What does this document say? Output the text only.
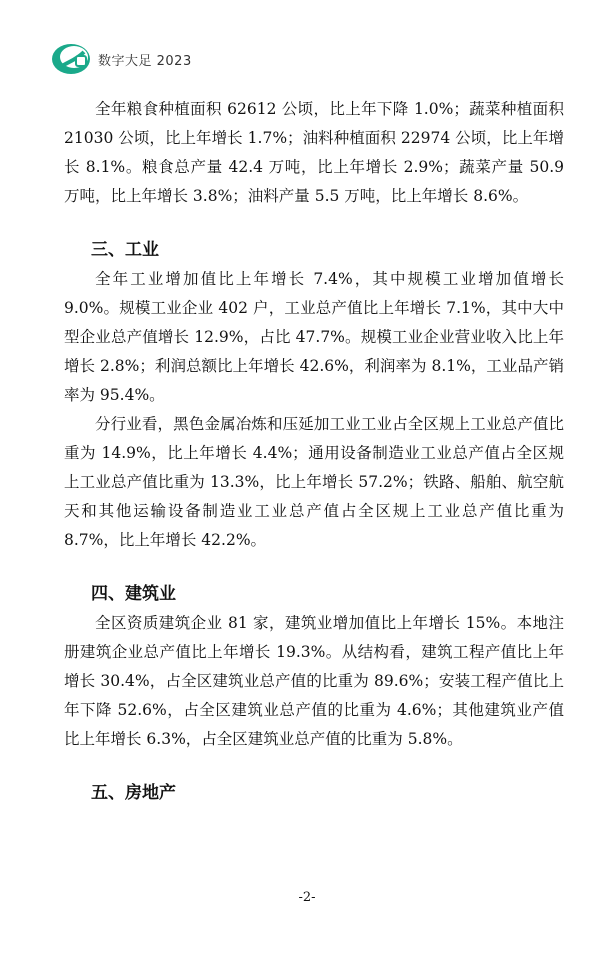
数字大足 2023

全年粮食种植面积 62612 公顷，比上年下降 1.0%；蔬菜种植面积 21030 公顷，比上年增长 1.7%；油料种植面积 22974 公顷，比上年增长 8.1%。粮食总产量 42.4 万吨，比上年增长 2.9%；蔬菜产量 50.9 万吨，比上年增长 3.8%；油料产量 5.5 万吨，比上年增长 8.6%。

三、工业

全年工业增加值比上年增长 7.4%，其中规模工业增加值增长 9.0%。规模工业企业 402 户，工业总产值比上年增长 7.1%，其中大中型企业总产值增长 12.9%，占比 47.7%。规模工业企业营业收入比上年增长 2.8%；利润总额比上年增长 42.6%，利润率为 8.1%，工业品产销率为 95.4%。

分行业看，黑色金属冶炼和压延加工业工业占全区规上工业总产值比重为 14.9%，比上年增长 4.4%；通用设备制造业工业总产值占全区规上工业总产值比重为 13.3%，比上年增长 57.2%；铁路、船舶、航空航天和其他运输设备制造业工业总产值占全区规上工业总产值比重为 8.7%，比上年增长 42.2%。

四、建筑业

全区资质建筑企业 81 家，建筑业增加值比上年增长 15%。本地注册建筑企业总产值比上年增长 19.3%。从结构看，建筑工程产值比上年增长 30.4%，占全区建筑业总产值的比重为 89.6%；安装工程产值比上年下降 52.6%，占全区建筑业总产值的比重为 4.6%；其他建筑业产值比上年增长 6.3%，占全区建筑业总产值的比重为 5.8%。

五、房地产
-2-
